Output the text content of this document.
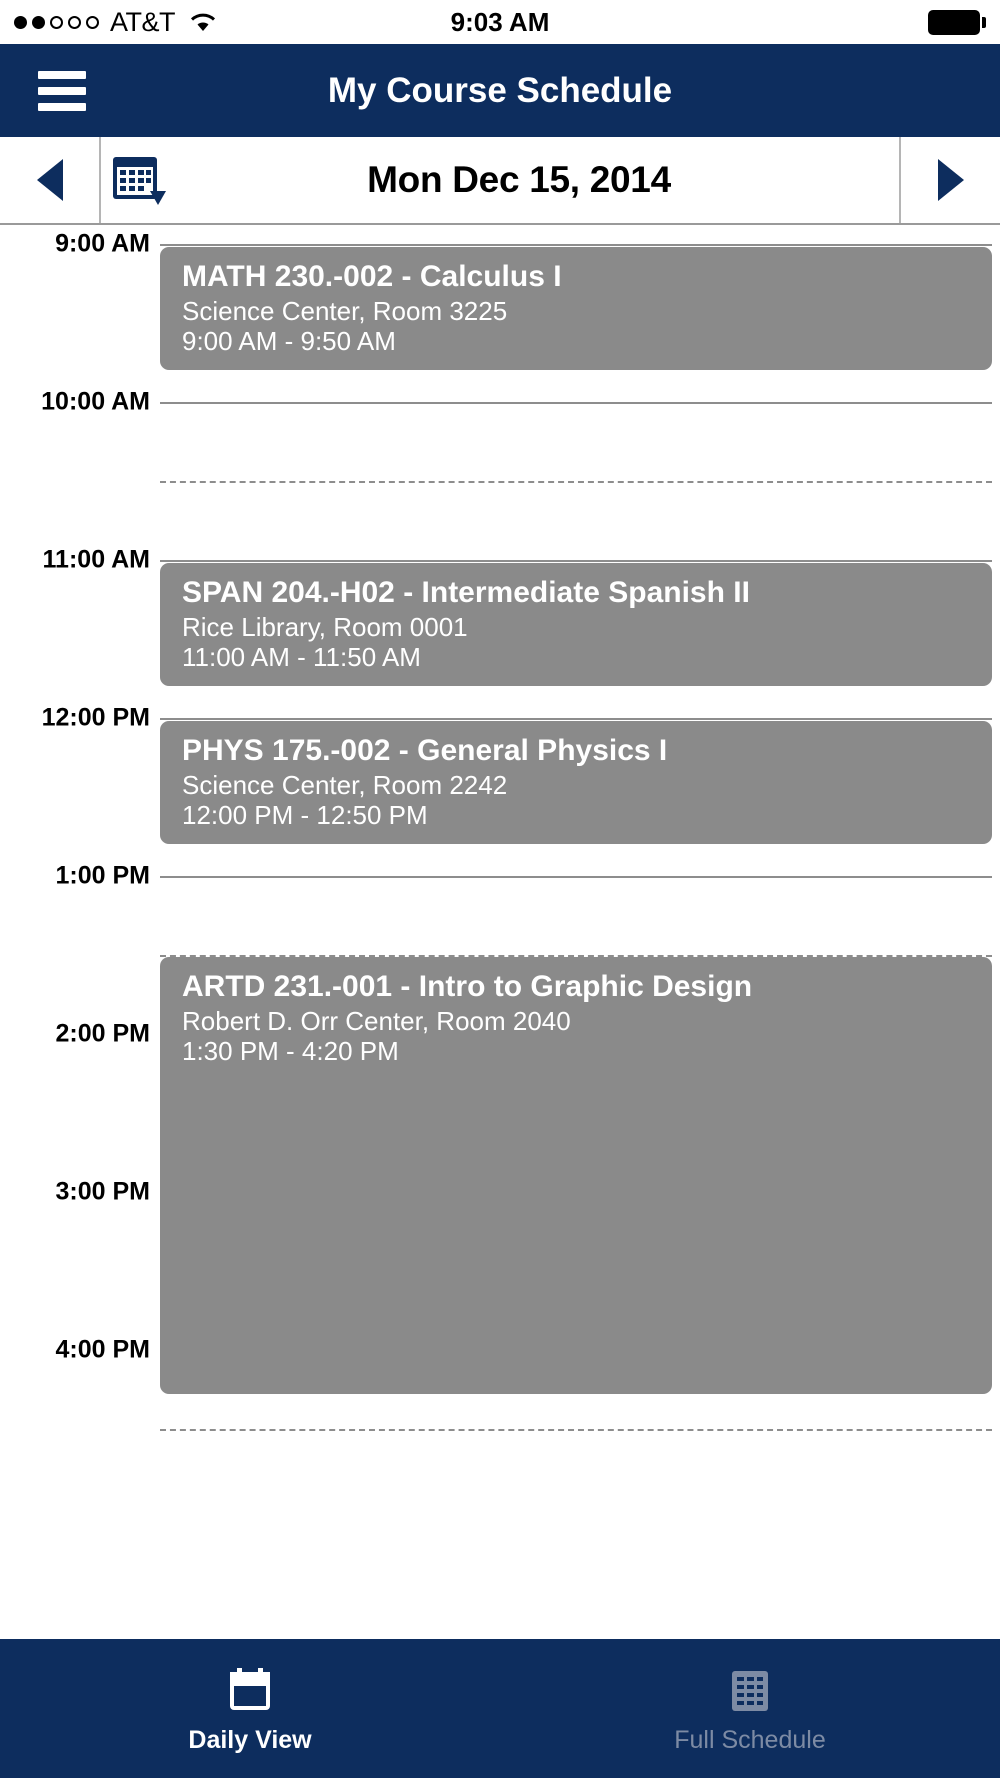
AT&T	9:03 AM
My Course Schedule
Mon Dec 15, 2014
9:00 AM
10:00 AM
11:00 AM
12:00 PM
1:00 PM
2:00 PM
3:00 PM
4:00 PM
MATH 230.-002 - Calculus I
Science Center, Room 3225
9:00 AM - 9:50 AM
SPAN 204.-H02 - Intermediate Spanish II
Rice Library, Room 0001
11:00 AM - 11:50 AM
PHYS 175.-002 - General Physics I
Science Center, Room 2242
12:00 PM - 12:50 PM
ARTD 231.-001 - Intro to Graphic Design
Robert D. Orr Center, Room 2040
1:30 PM - 4:20 PM
Daily View	Full Schedule
